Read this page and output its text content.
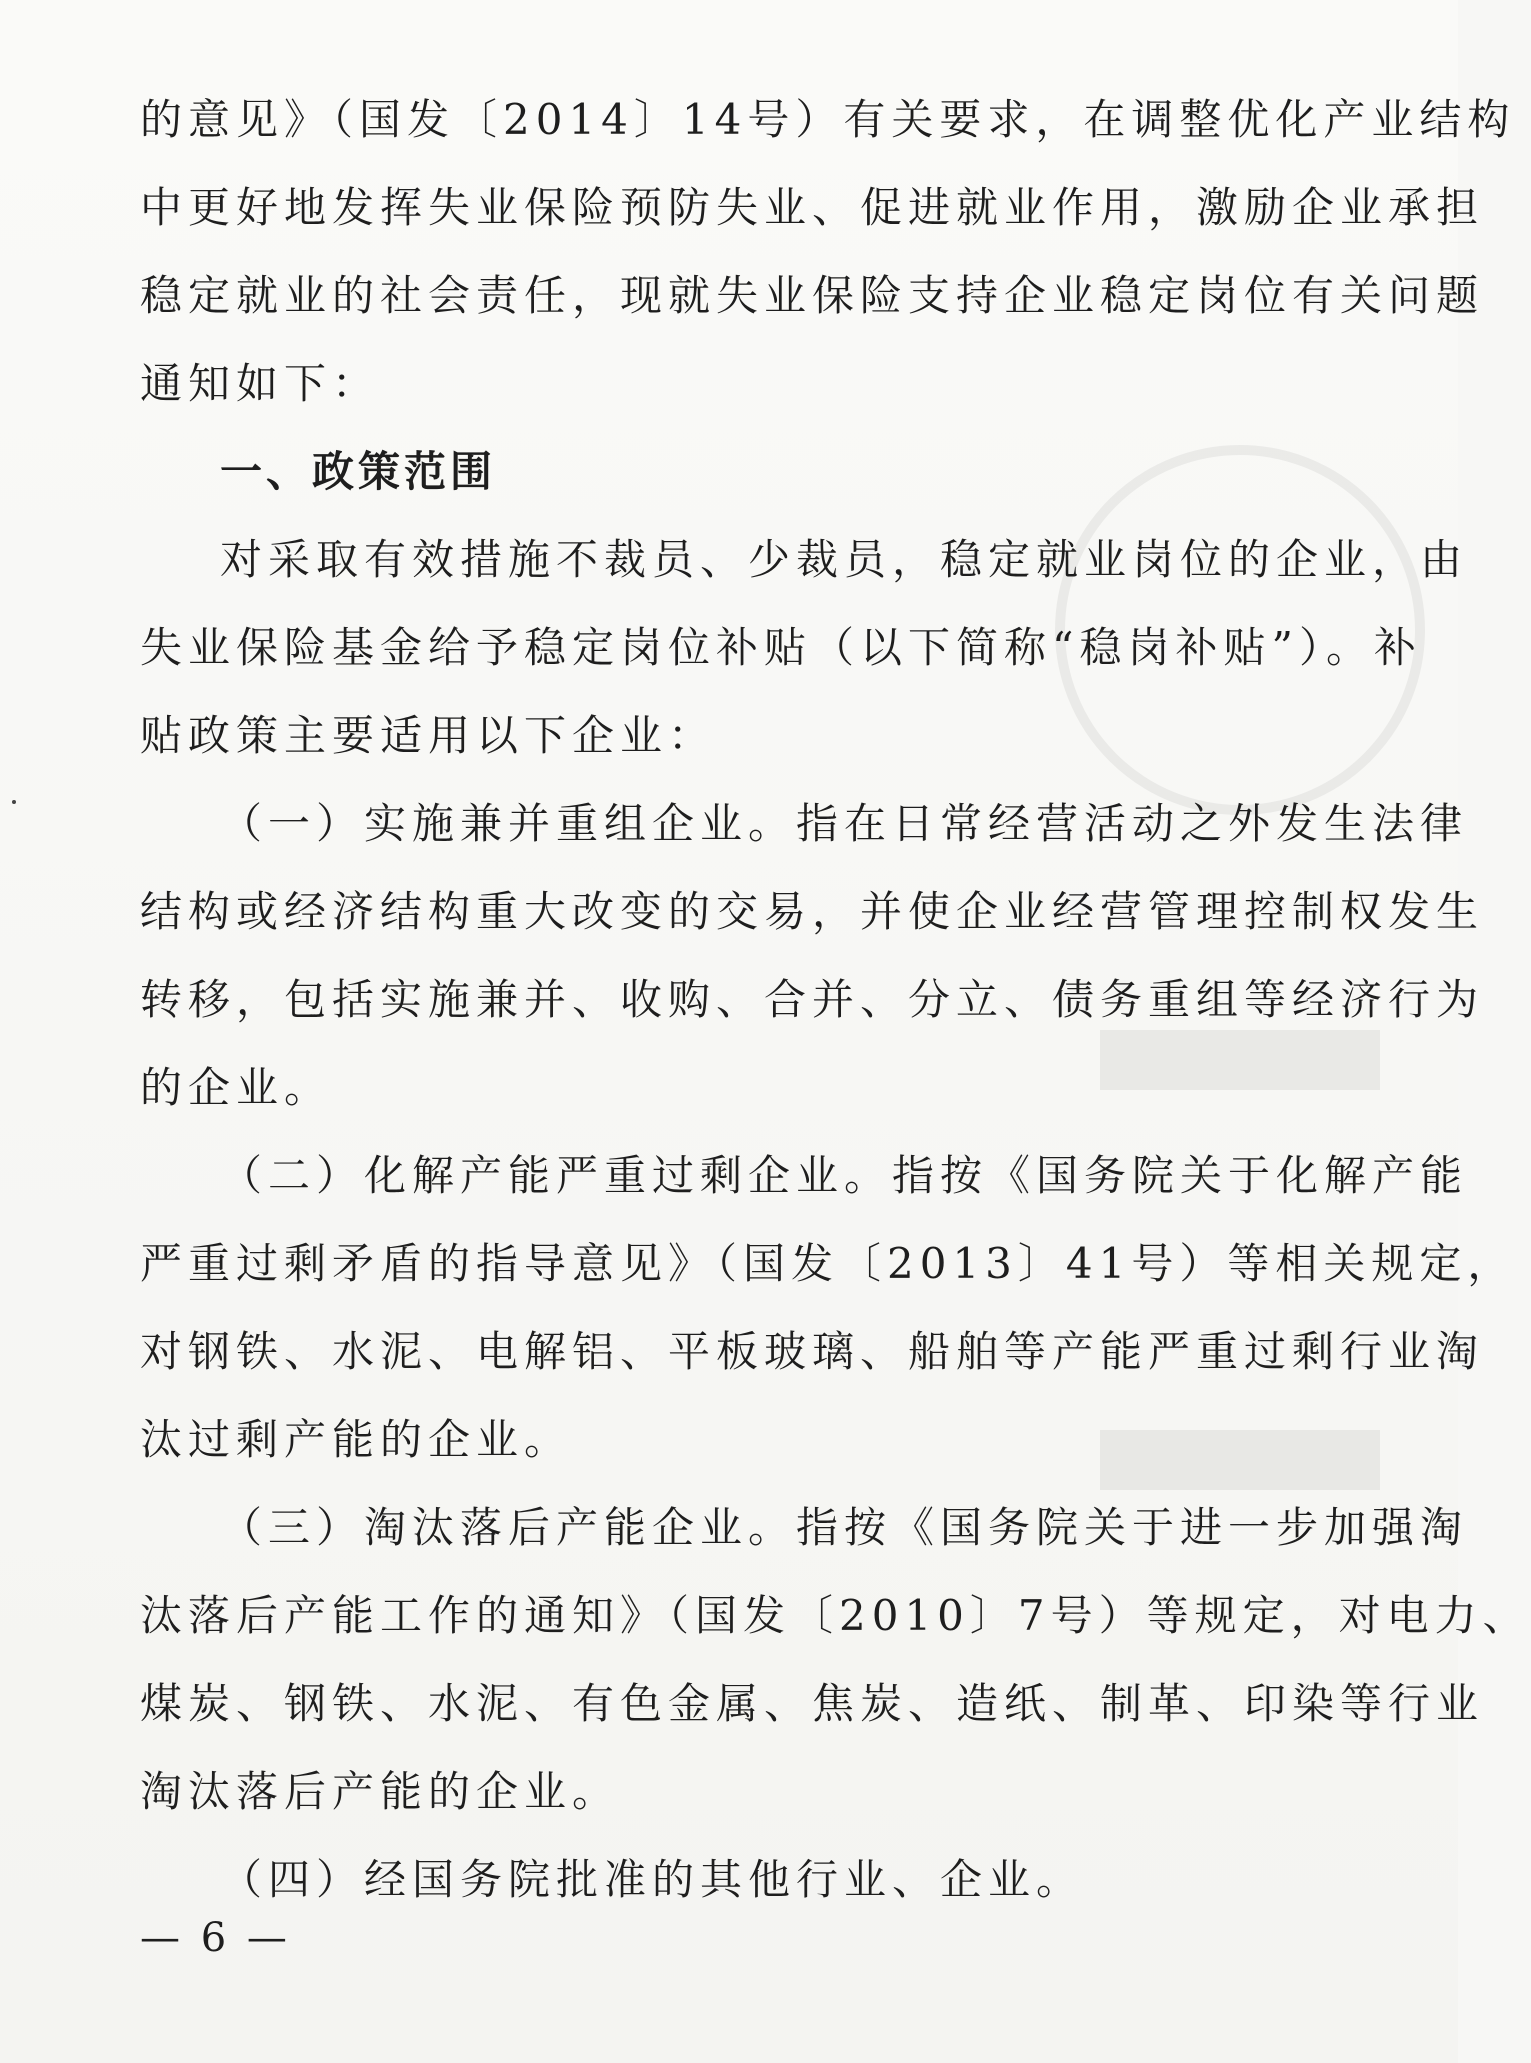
的意见》（国发〔2014〕14号）有关要求，在调整优化产业结构
中更好地发挥失业保险预防失业、促进就业作用，激励企业承担
稳定就业的社会责任，现就失业保险支持企业稳定岗位有关问题
通知如下：
一、政策范围
对采取有效措施不裁员、少裁员，稳定就业岗位的企业，由
失业保险基金给予稳定岗位补贴（以下简称“稳岗补贴”）。补
贴政策主要适用以下企业：
（一）实施兼并重组企业。指在日常经营活动之外发生法律
结构或经济结构重大改变的交易，并使企业经营管理控制权发生
转移，包括实施兼并、收购、合并、分立、债务重组等经济行为
的企业。
（二）化解产能严重过剩企业。指按《国务院关于化解产能
严重过剩矛盾的指导意见》（国发〔2013〕41号）等相关规定，
对钢铁、水泥、电解铝、平板玻璃、船舶等产能严重过剩行业淘
汰过剩产能的企业。
（三）淘汰落后产能企业。指按《国务院关于进一步加强淘
汰落后产能工作的通知》（国发〔2010〕7号）等规定，对电力、
煤炭、钢铁、水泥、有色金属、焦炭、造纸、制革、印染等行业
淘汰落后产能的企业。
（四）经国务院批准的其他行业、企业。
— 6 —
